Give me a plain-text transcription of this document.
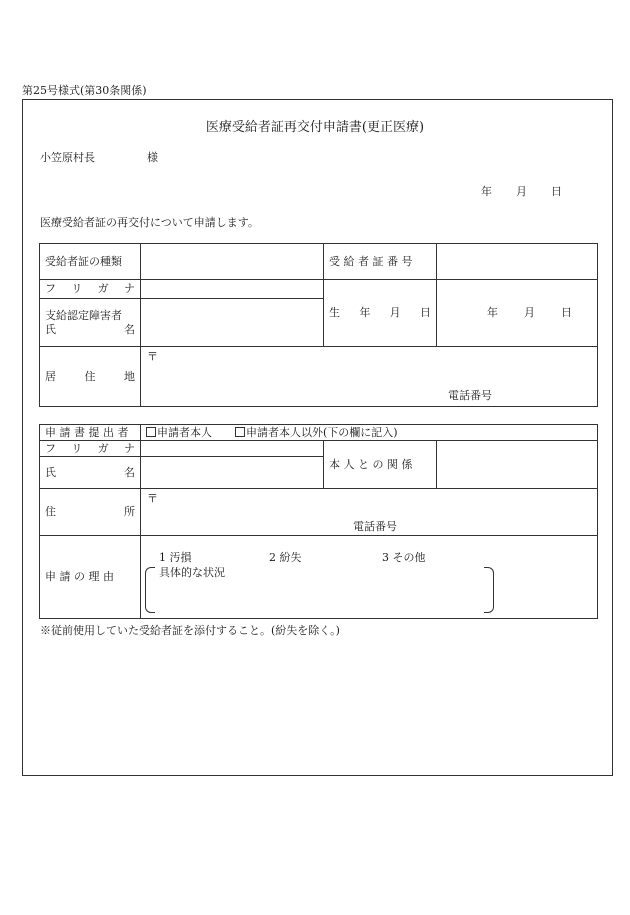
第25号様式(第30条関係)
医療受給者証再交付申請書(更正医療)
小笠原村長	様
年 月 日
医療受給者証の再交付について申請します。
受給者証の種類		受 給 者 証 番 号	

フ リ ガ ナ		生 年 月 日	年 月 日

支給認定障害者
氏 名			

居 住 地	〒
電話番号		
申 請 書 提 出 者	申請者本人 申請者本人以外(下の欄に記入)		

フ リ ガ ナ		本 人 と の 関 係	

氏 名			

住 所	〒
電話番号		

申 請 の 理 由	1 汚損 2 紛失 3 その他
具体的な状況		
※従前使用していた受給者証を添付すること。(紛失を除く。)
